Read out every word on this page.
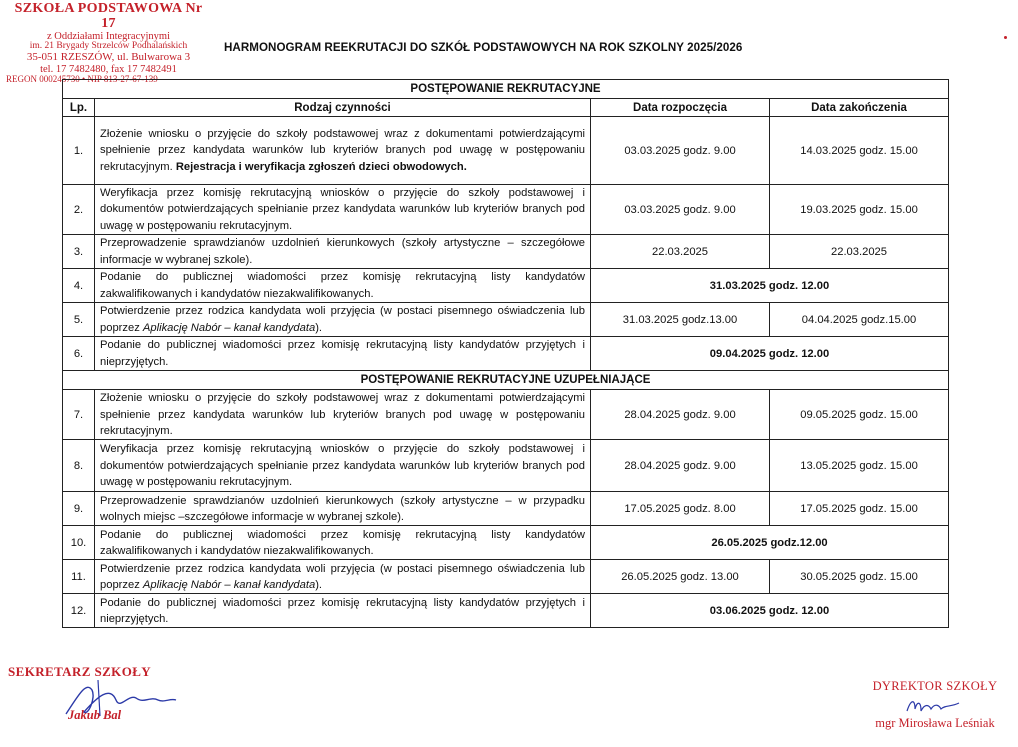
SZKOŁA PODSTAWOWA Nr 17
z Oddziałami Integracyjnymi
im. 21 Brygady Strzelców Podhalańskich
35-051 RZESZÓW, ul. Bulwarowa 3
tel. 17 7482480, fax 17 7482491
REGON 000245730 • NIP 813-27-67-139
HARMONOGRAM REEKRUTACJI DO SZKÓŁ PODSTAWOWYCH NA ROK SZKOLNY 2025/2026
POSTĘPOWANIE REKRUTACYJNE			
Lp.	Rodzaj czynności	Data rozpoczęcia	Data zakończenia
1.	Złożenie wniosku o przyjęcie do szkoły podstawowej wraz z dokumentami potwierdzającymi spełnienie przez kandydata warunków lub kryteriów branych pod uwagę w postępowaniu rekrutacyjnym. Rejestracja i weryfikacja zgłoszeń dzieci obwodowych.	03.03.2025 godz. 9.00	14.03.2025 godz. 15.00
2.	Weryfikacja przez komisję rekrutacyjną wniosków o przyjęcie do szkoły podstawowej i dokumentów potwierdzających spełnianie przez kandydata warunków lub kryteriów branych pod uwagę w postępowaniu rekrutacyjnym.	03.03.2025 godz. 9.00	19.03.2025 godz. 15.00
3.	Przeprowadzenie sprawdzianów uzdolnień kierunkowych (szkoły artystyczne – szczegółowe informacje w wybranej szkole).	22.03.2025	22.03.2025
4.	Podanie do publicznej wiadomości przez komisję rekrutacyjną listy kandydatów zakwalifikowanych i kandydatów niezakwalifikowanych.	31.03.2025 godz. 12.00	
5.	Potwierdzenie przez rodzica kandydata woli przyjęcia (w postaci pisemnego oświadczenia lub poprzez Aplikację Nabór – kanał kandydata).	31.03.2025 godz.13.00	04.04.2025 godz.15.00
6.	Podanie do publicznej wiadomości przez komisję rekrutacyjną listy kandydatów przyjętych i nieprzyjętych.	09.04.2025 godz. 12.00	
POSTĘPOWANIE REKRUTACYJNE UZUPEŁNIAJĄCE			
7.	Złożenie wniosku o przyjęcie do szkoły podstawowej wraz z dokumentami potwierdzającymi spełnienie przez kandydata warunków lub kryteriów branych pod uwagę w postępowaniu rekrutacyjnym.	28.04.2025 godz. 9.00	09.05.2025 godz. 15.00
8.	Weryfikacja przez komisję rekrutacyjną wniosków o przyjęcie do szkoły podstawowej i dokumentów potwierdzających spełnianie przez kandydata warunków lub kryteriów branych pod uwagę w postępowaniu rekrutacyjnym.	28.04.2025 godz. 9.00	13.05.2025 godz. 15.00
9.	Przeprowadzenie sprawdzianów uzdolnień kierunkowych (szkoły artystyczne – w przypadku wolnych miejsc –szczegółowe informacje w wybranej szkole).	17.05.2025 godz. 8.00	17.05.2025 godz. 15.00
10.	Podanie do publicznej wiadomości przez komisję rekrutacyjną listy kandydatów zakwalifikowanych i kandydatów niezakwalifikowanych.	26.05.2025 godz.12.00	
11.	Potwierdzenie przez rodzica kandydata woli przyjęcia (w postaci pisemnego oświadczenia lub poprzez Aplikację Nabór – kanał kandydata).	26.05.2025 godz. 13.00	30.05.2025 godz. 15.00
12.	Podanie do publicznej wiadomości przez komisję rekrutacyjną listy kandydatów przyjętych i nieprzyjętych.	03.06.2025 godz. 12.00	
SEKRETARZ SZKOŁY
Jakub Bal
DYREKTOR SZKOŁY
mgr Mirosława Leśniak
